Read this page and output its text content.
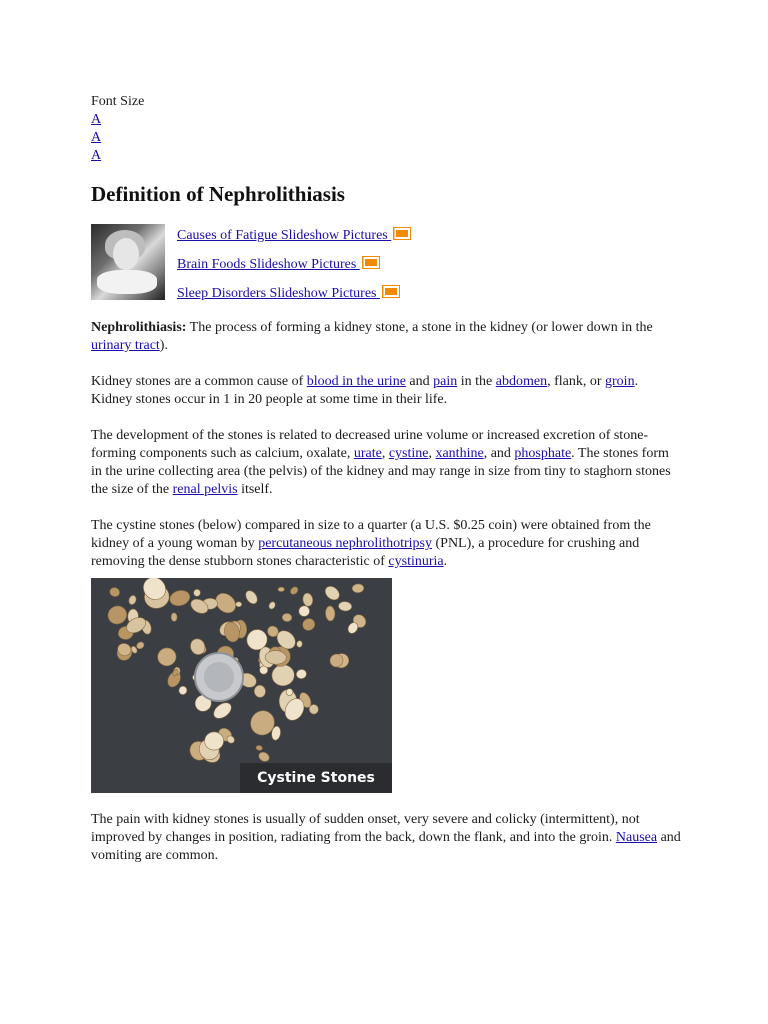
Font Size
A
A
A
Definition of Nephrolithiasis
Causes of Fatigue Slideshow Pictures
Brain Foods Slideshow Pictures
Sleep Disorders Slideshow Pictures

Nephrolithiasis: The process of forming a kidney stone, a stone in the kidney (or lower down in the urinary tract).

Kidney stones are a common cause of blood in the urine and pain in the abdomen, flank, or groin. Kidney stones occur in 1 in 20 people at some time in their life.

The development of the stones is related to decreased urine volume or increased excretion of stone-forming components such as calcium, oxalate, urate, cystine, xanthine, and phosphate. The stones form in the urine collecting area (the pelvis) of the kidney and may range in size from tiny to staghorn stones the size of the renal pelvis itself.

The cystine stones (below) compared in size to a quarter (a U.S. $0.25 coin) were obtained from the kidney of a young woman by percutaneous nephrolithotripsy (PNL), a procedure for crushing and removing the dense stubborn stones characteristic of cystinuria.

Cystine Stones

The pain with kidney stones is usually of sudden onset, very severe and colicky (intermittent), not improved by changes in position, radiating from the back, down the flank, and into the groin. Nausea and vomiting are common.
